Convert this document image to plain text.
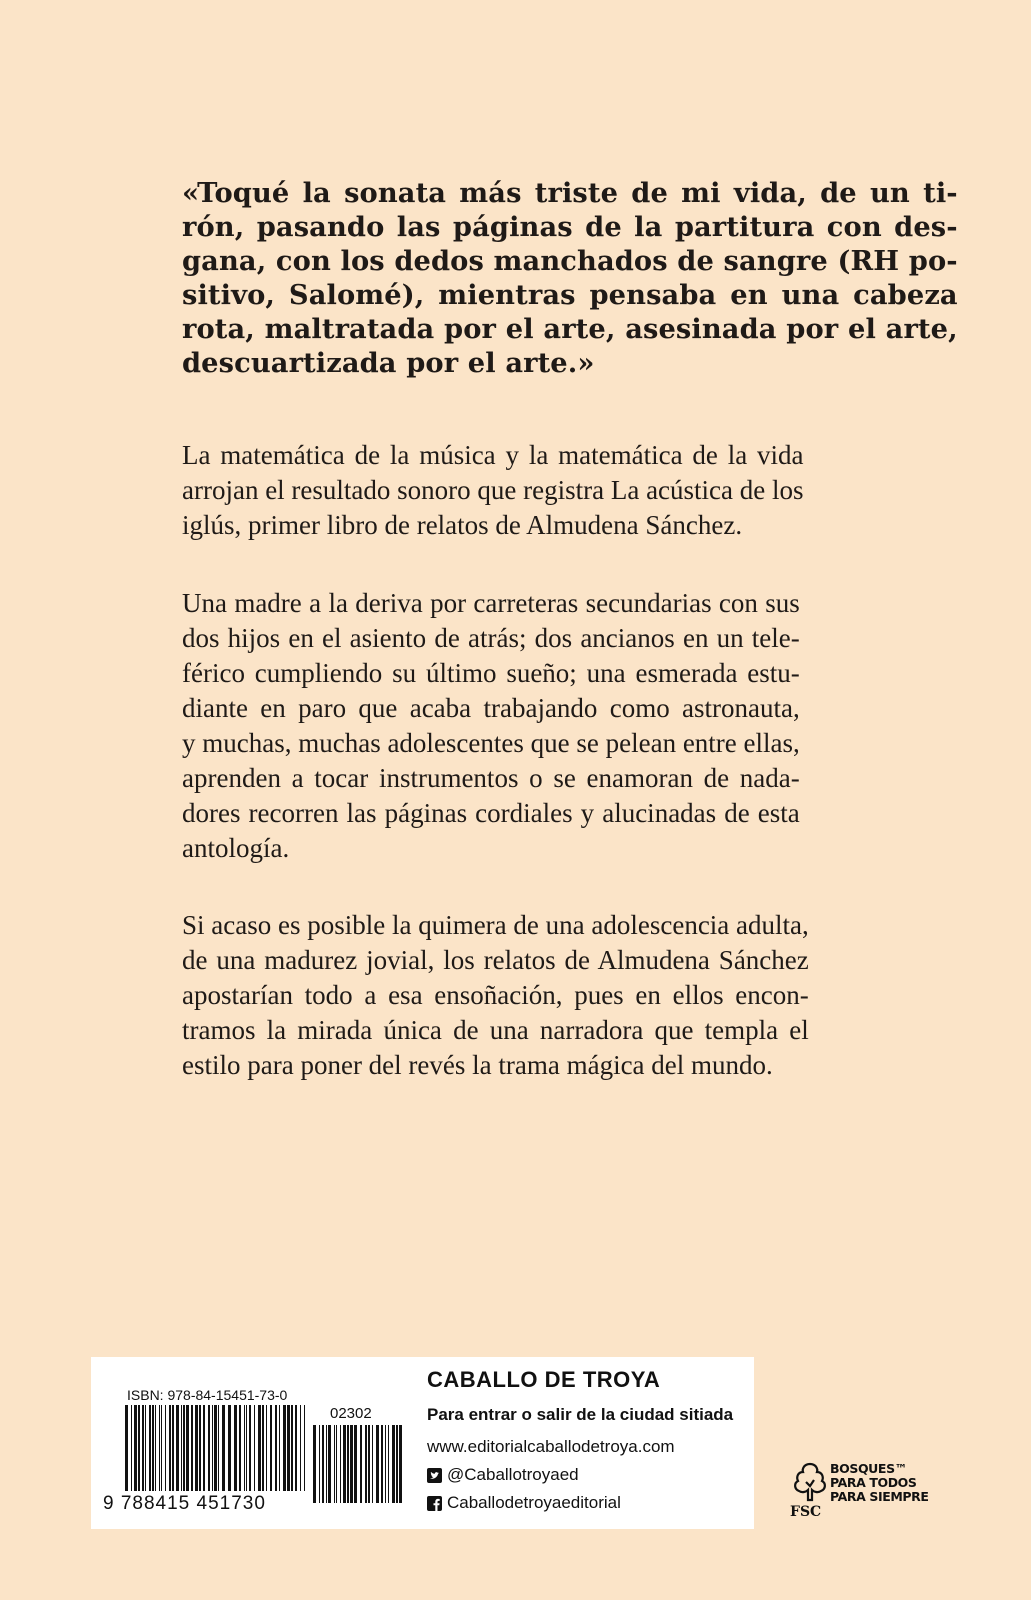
«Toqué la sonata más triste de mi vida, de un ti-
rón, pasando las páginas de la partitura con des-
gana, con los dedos manchados de sangre (RH po-
sitivo, Salomé), mientras pensaba en una cabeza
rota, maltratada por el arte, asesinada por el arte,
descuartizada por el arte.»

La matemática de la música y la matemática de la vida
arrojan el resultado sonoro que registra La acústica de los
iglús, primer libro de relatos de Almudena Sánchez.

Una madre a la deriva por carreteras secundarias con sus
dos hijos en el asiento de atrás; dos ancianos en un tele-
férico cumpliendo su último sueño; una esmerada estu-
diante en paro que acaba trabajando como astronauta,
y muchas, muchas adolescentes que se pelean entre ellas,
aprenden a tocar instrumentos o se enamoran de nada-
dores recorren las páginas cordiales y alucinadas de esta
antología.

Si acaso es posible la quimera de una adolescencia adulta,
de una madurez jovial, los relatos de Almudena Sánchez
apostarían todo a esa ensoñación, pues en ellos encon-
tramos la mirada única de una narradora que templa el
estilo para poner del revés la trama mágica del mundo.

ISBN: 978-84-15451-73-0
02302
9 788415 451730
CABALLO DE TROYA
Para entrar o salir de la ciudad sitiada
www.editorialcaballodetroya.com
@Caballotroyaed
Caballodetroyaeditorial	FSC
BOSQUES™
PARA TODOS
PARA SIEMPRE
